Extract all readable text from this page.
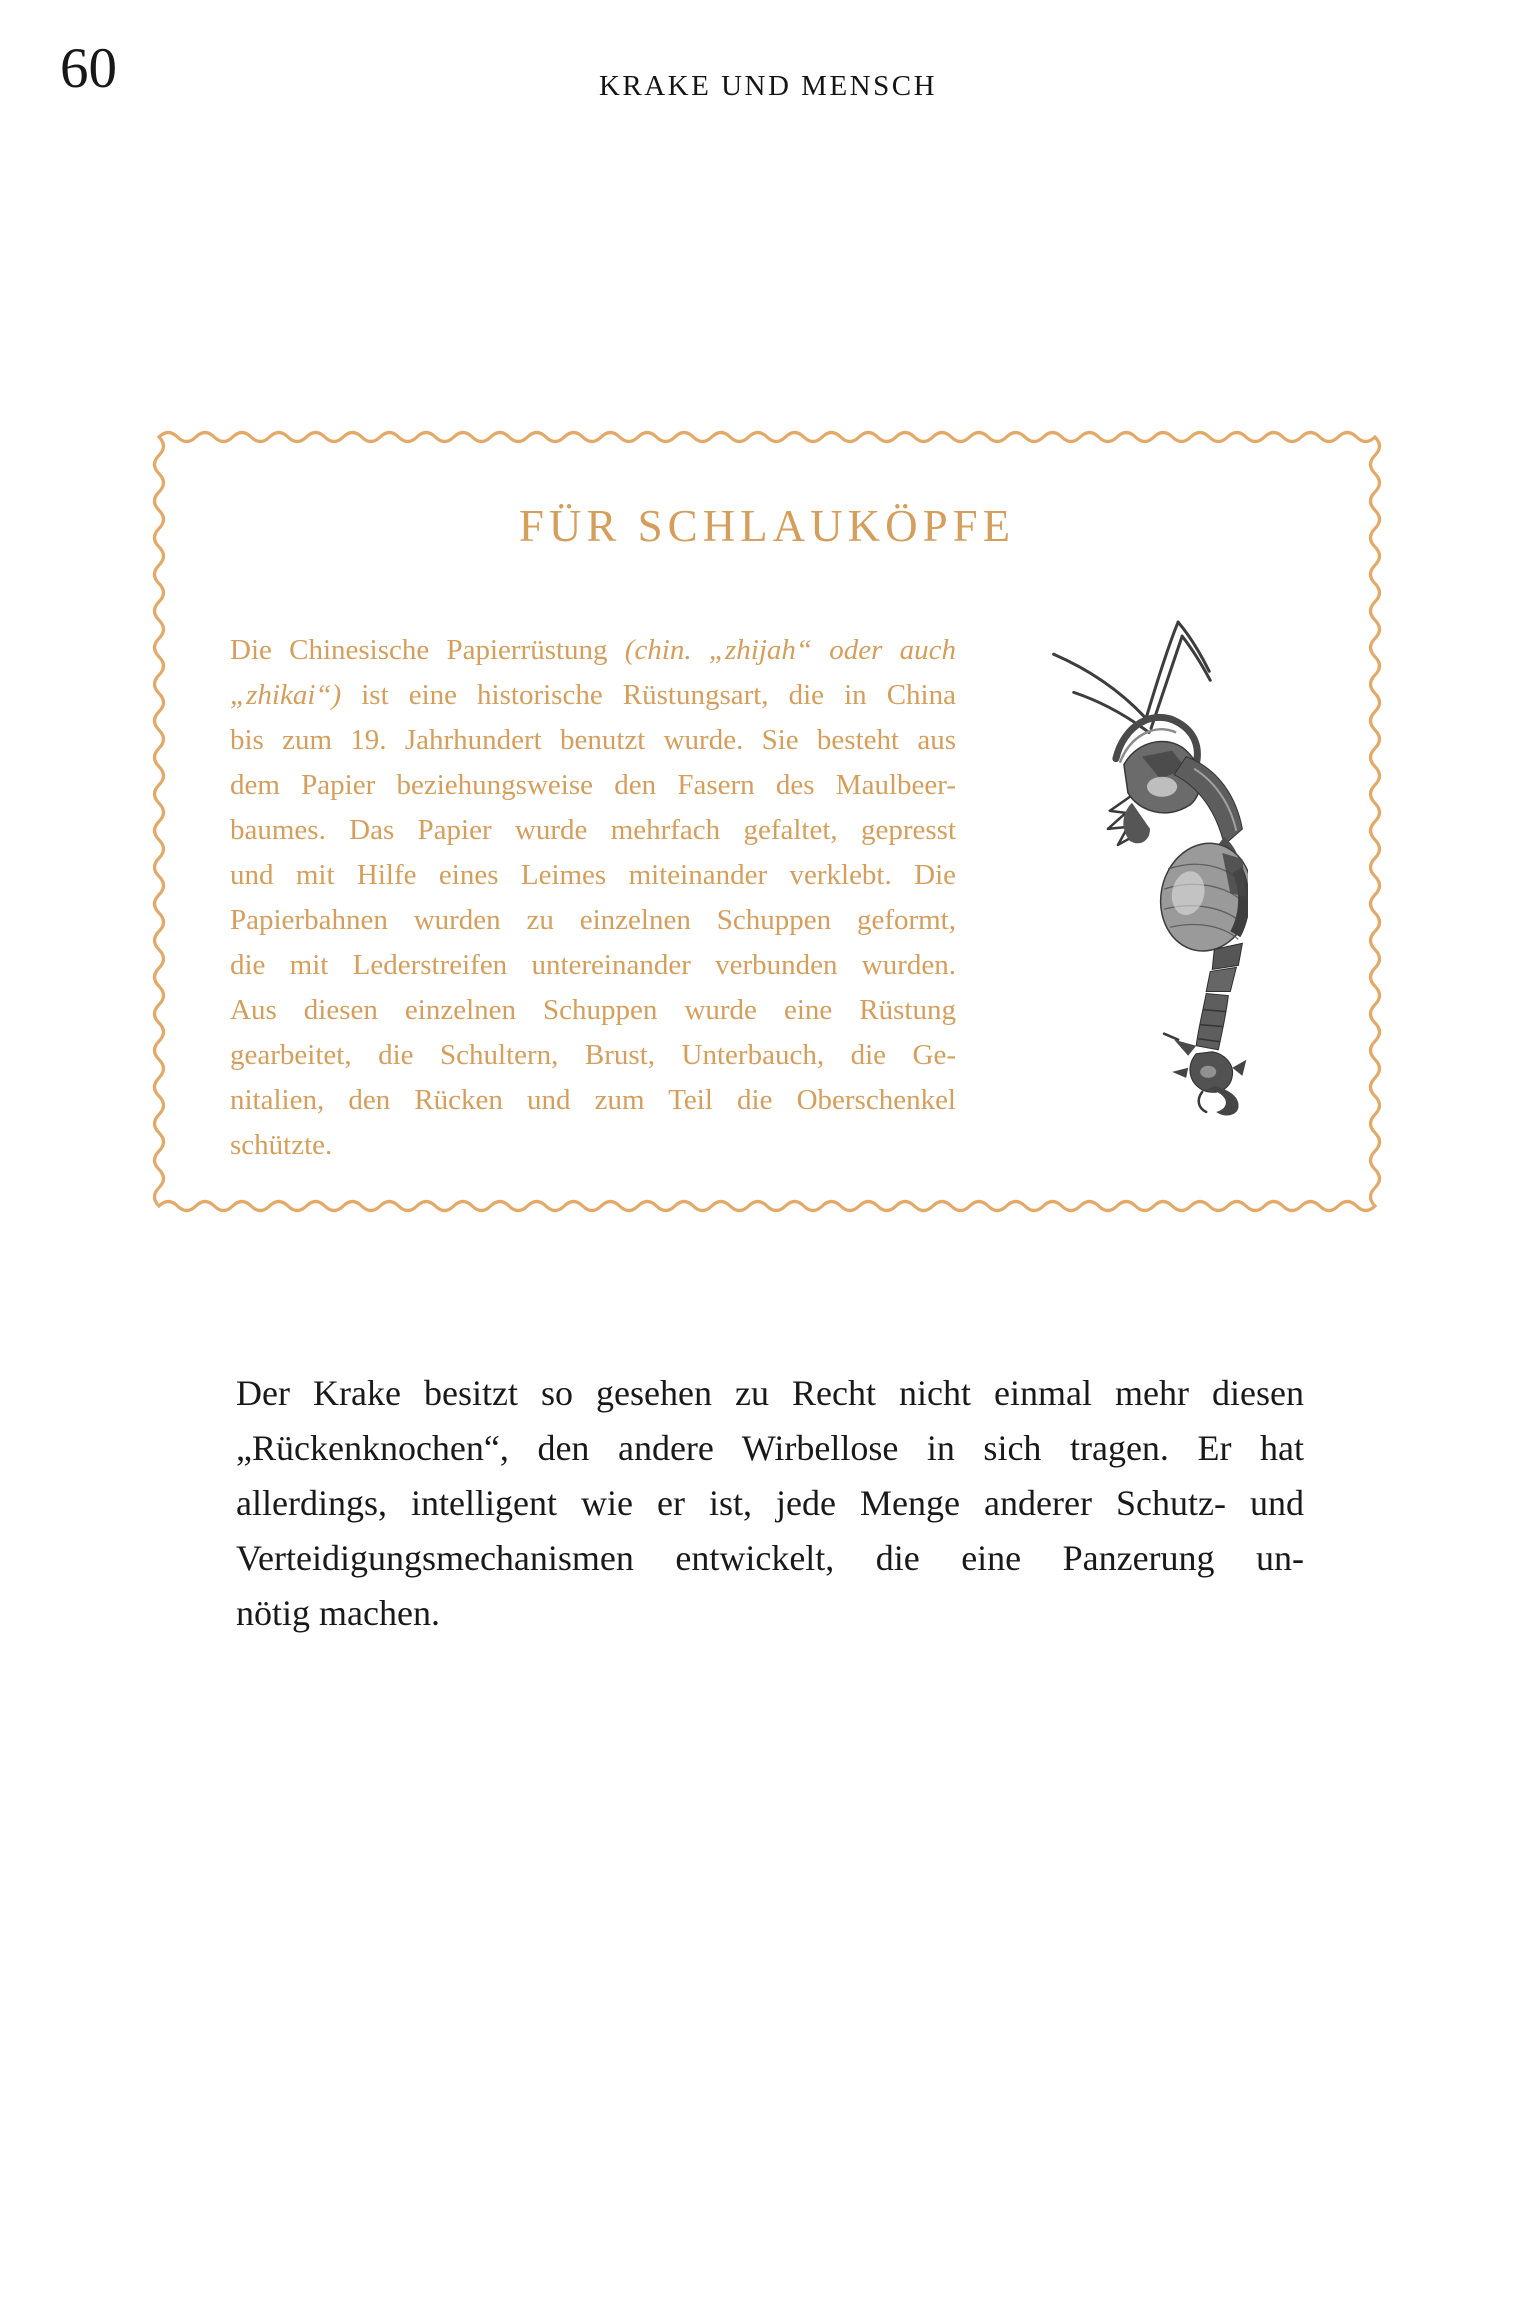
60	KRAKE UND MENSCH
FÜR SCHLAUKÖPFE
Die Chinesische Papierrüstung (chin. „zhijah“ oder auch
„zhikai“) ist eine historische Rüstungsart, die in China
bis zum 19. Jahrhundert benutzt wurde. Sie besteht aus
dem Papier beziehungsweise den Fasern des Maulbeer-
baumes. Das Papier wurde mehrfach gefaltet, gepresst
und mit Hilfe eines Leimes miteinander verklebt. Die
Papierbahnen wurden zu einzelnen Schuppen geformt,
die mit Lederstreifen untereinander verbunden wurden.
Aus diesen einzelnen Schuppen wurde eine Rüstung
gearbeitet, die Schultern, Brust, Unterbauch, die Ge-
nitalien, den Rücken und zum Teil die Oberschenkel
schützte.
Der Krake besitzt so gesehen zu Recht nicht einmal mehr diesen
„Rückenknochen“, den andere Wirbellose in sich tragen. Er hat
allerdings, intelligent wie er ist, jede Menge anderer Schutz- und
Verteidigungsmechanismen entwickelt, die eine Panzerung un-
nötig machen.
